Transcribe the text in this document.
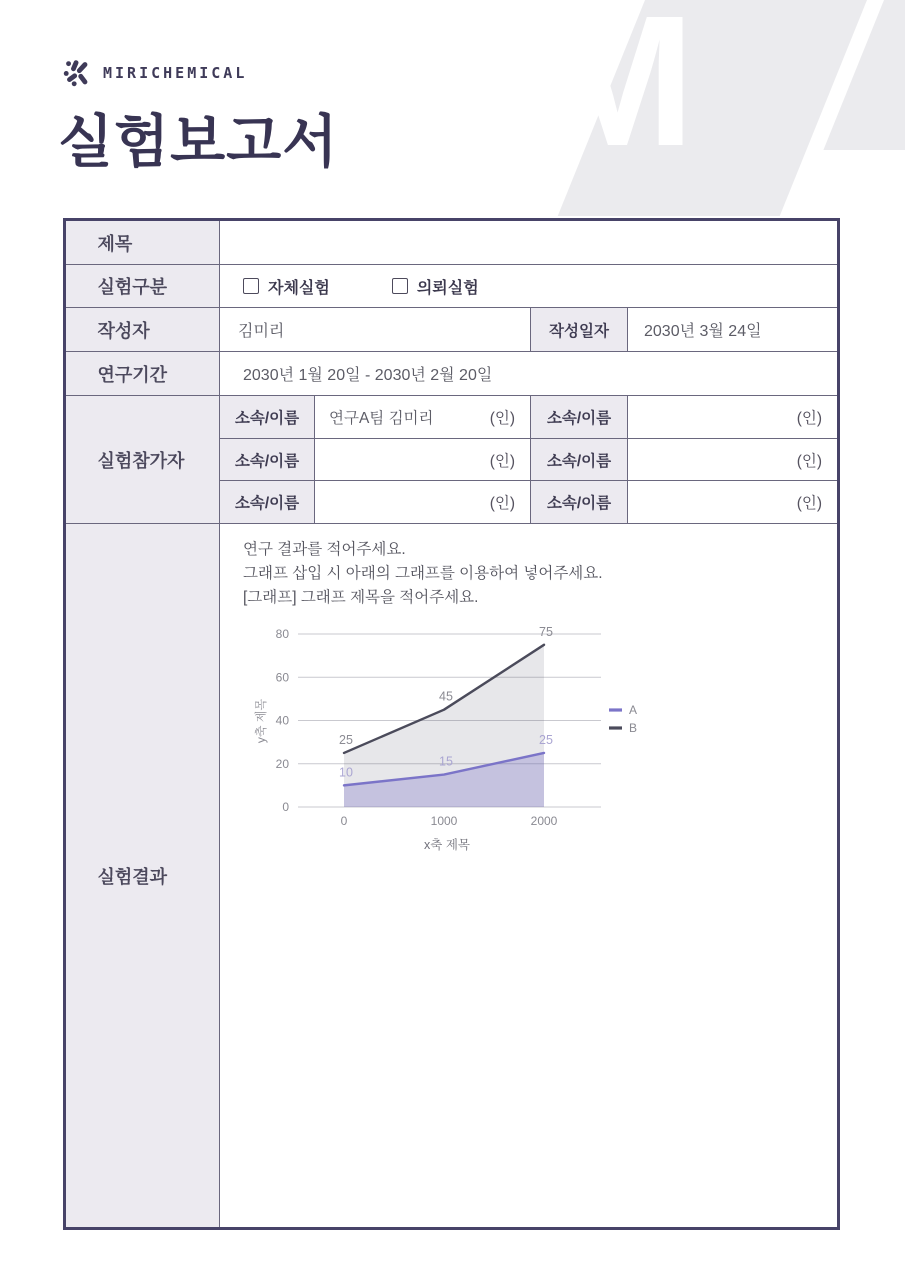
M
MIRICHEMICAL
실험보고서
제목
실험구분	자체실험	의뢰실험
작성자	김미리	작성일자	2030년 3월 24일
연구기간	2030년 1월 20일 - 2030년 2월 20일
실험참가자
소속/이름	연구A팀 김미리	(인)	소속/이름	(인)
소속/이름	(인)	소속/이름	(인)
소속/이름	(인)	소속/이름	(인)
실험결과
연구 결과를 적어주세요.
그래프 삽입 시 아래의 그래프를 이용하여 넣어주세요.
[그래프] 그래프 제목을 적어주세요.
0
20
40
60
80
0	1000	2000
25
45
75
10
15
25
A
B
y축 제목
x축 제목
